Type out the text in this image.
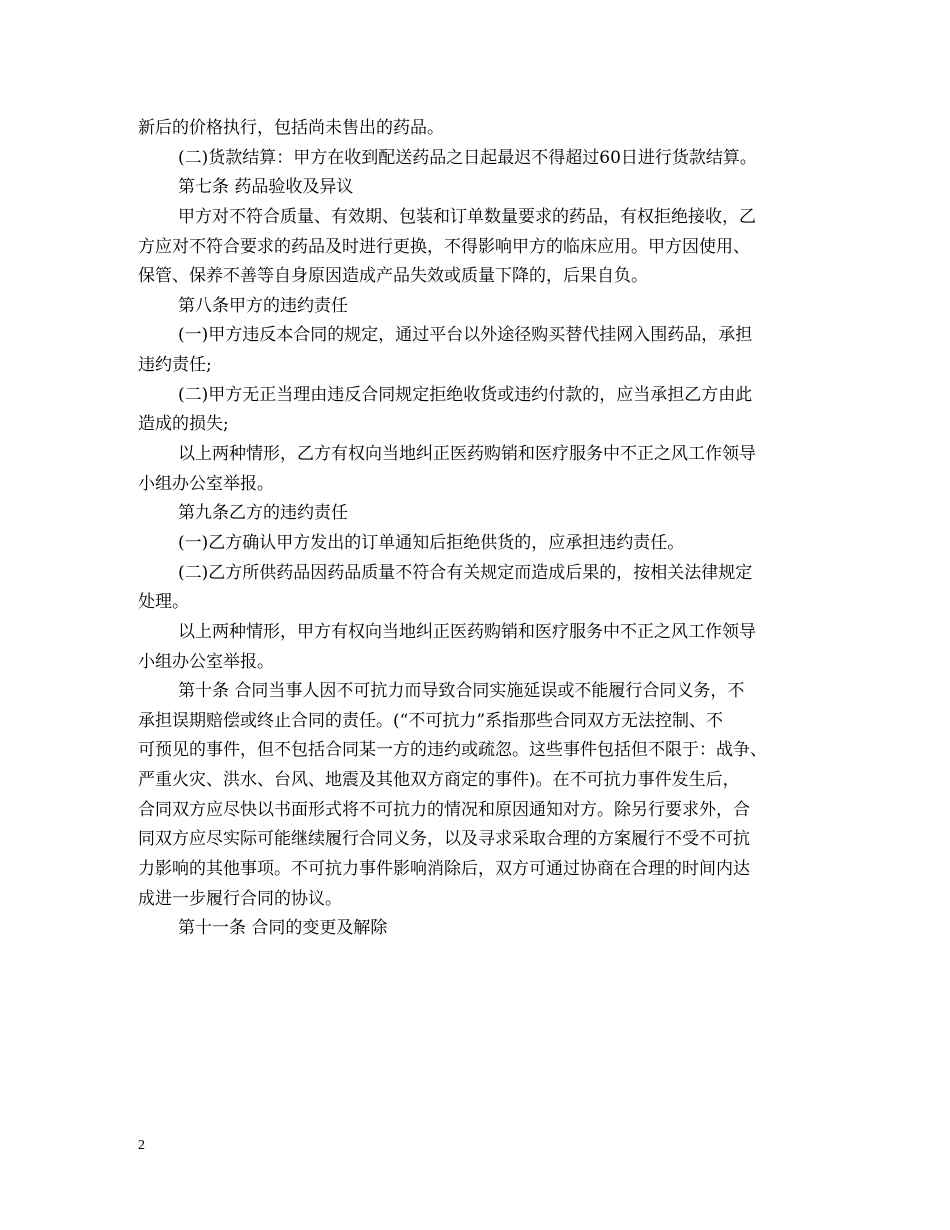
新后的价格执行，包括尚未售出的药品。
(二)货款结算：甲方在收到配送药品之日起最迟不得超过60日进行货款结算。
第七条 药品验收及异议
甲方对不符合质量、有效期、包装和订单数量要求的药品，有权拒绝接收，乙
方应对不符合要求的药品及时进行更换，不得影响甲方的临床应用。甲方因使用、
保管、保养不善等自身原因造成产品失效或质量下降的，后果自负。
第八条甲方的违约责任
(一)甲方违反本合同的规定，通过平台以外途径购买替代挂网入围药品，承担
违约责任;
(二)甲方无正当理由违反合同规定拒绝收货或违约付款的，应当承担乙方由此
造成的损失;
以上两种情形，乙方有权向当地纠正医药购销和医疗服务中不正之风工作领导
小组办公室举报。
第九条乙方的违约责任
(一)乙方确认甲方发出的订单通知后拒绝供货的，应承担违约责任。
(二)乙方所供药品因药品质量不符合有关规定而造成后果的，按相关法律规定
处理。
以上两种情形，甲方有权向当地纠正医药购销和医疗服务中不正之风工作领导
小组办公室举报。
第十条 合同当事人因不可抗力而导致合同实施延误或不能履行合同义务，不
承担误期赔偿或终止合同的责任。(“不可抗力”系指那些合同双方无法控制、不
可预见的事件，但不包括合同某一方的违约或疏忽。这些事件包括但不限于：战争、
严重火灾、洪水、台风、地震及其他双方商定的事件)。在不可抗力事件发生后，
合同双方应尽快以书面形式将不可抗力的情况和原因通知对方。除另行要求外，合
同双方应尽实际可能继续履行合同义务，以及寻求采取合理的方案履行不受不可抗
力影响的其他事项。不可抗力事件影响消除后，双方可通过协商在合理的时间内达
成进一步履行合同的协议。
第十一条 合同的变更及解除
2
